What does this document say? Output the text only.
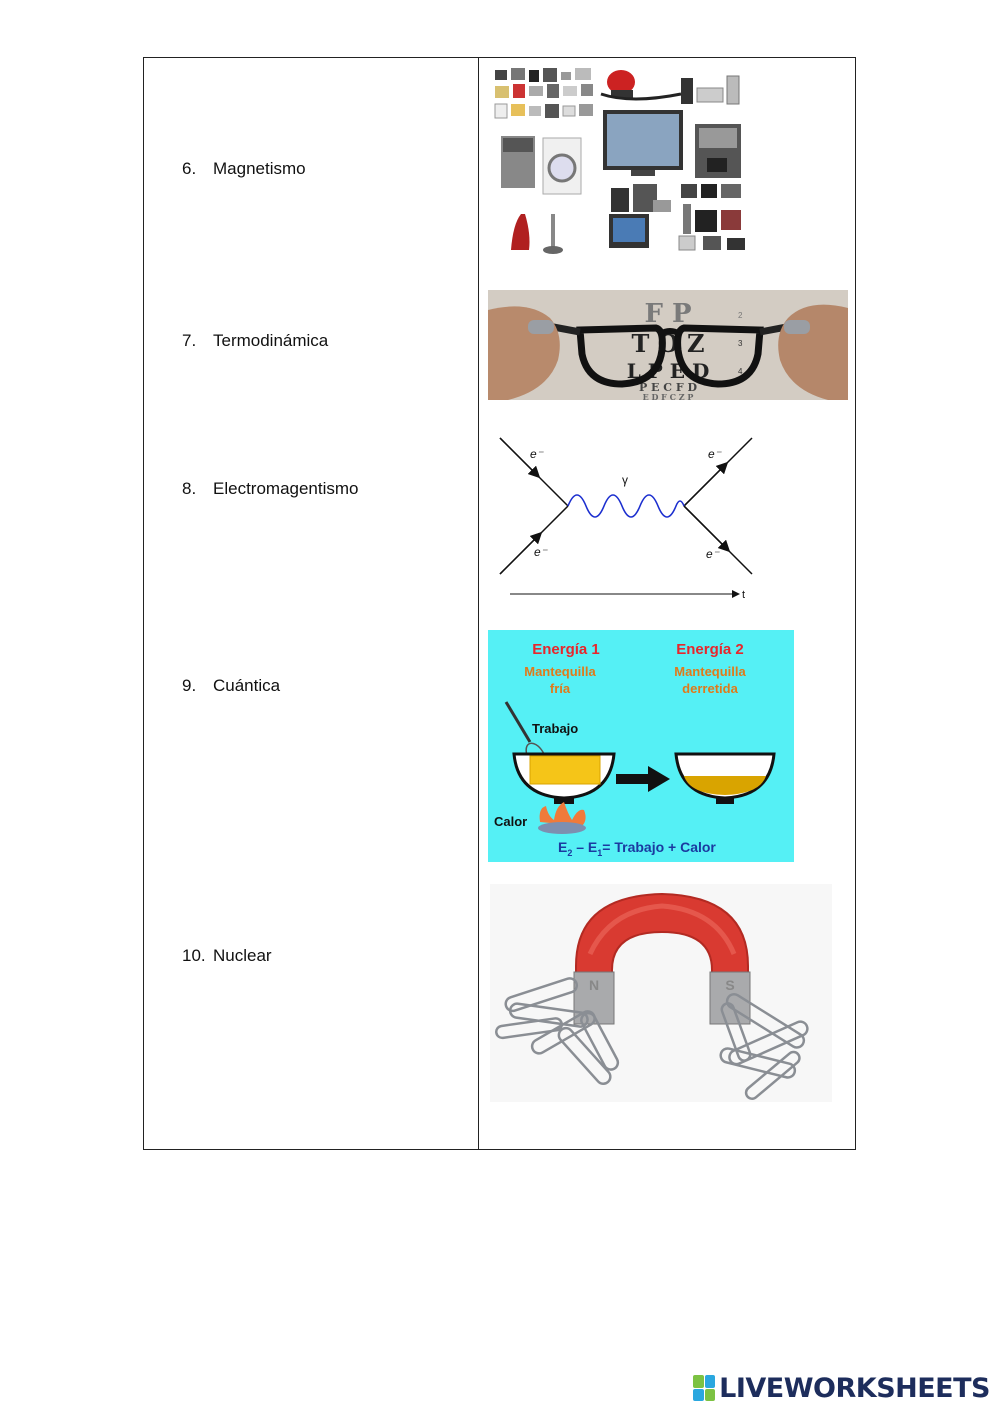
6. Magnetismo
7. Termodinámica
8. Electromagentismo
9. Cuántica
10. Nuclear
F P
T O Z
L P E D
P E C F D
E D F C Z P
2
3
4
e⁻	e⁻
e⁻	e⁻
γ
t
Energía 1
Mantequilla
fría
Energía 2
Mantequilla
derretida
Trabajo
Calor
$E_2 - E_1=$ Trabajo + Calor
N	S
LIVEWORKSHEETS
